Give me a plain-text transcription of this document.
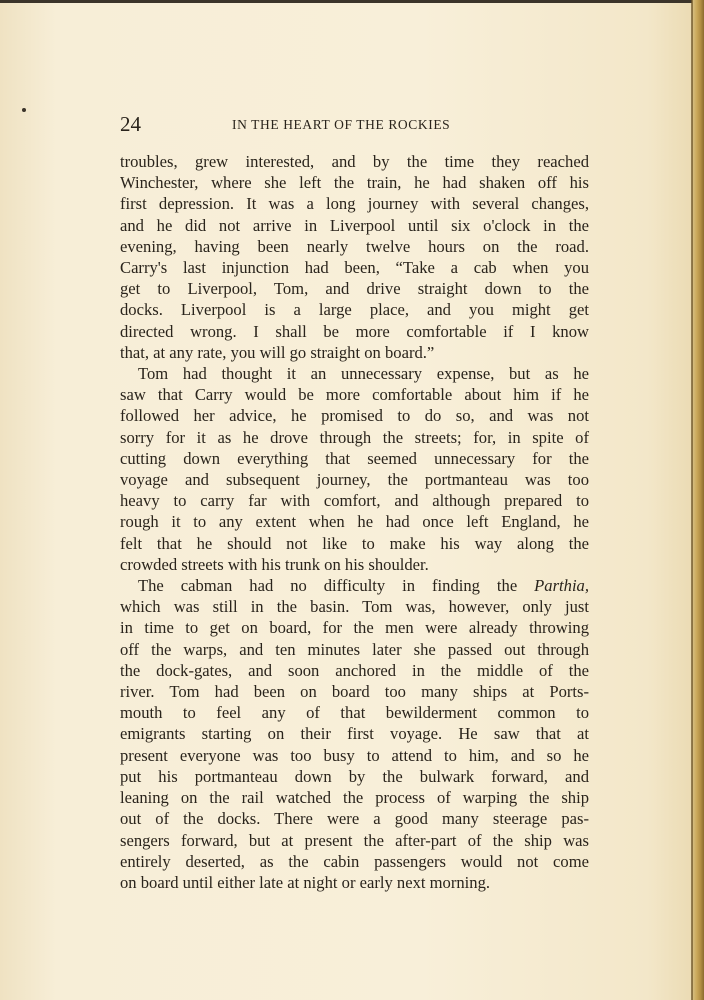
24	IN THE HEART OF THE ROCKIES

troubles, grew interested, and by the time they reached
Winchester, where she left the train, he had shaken off his
first depression. It was a long journey with several changes,
and he did not arrive in Liverpool until six o'clock in the
evening, having been nearly twelve hours on the road.
Carry's last injunction had been, “Take a cab when you
get to Liverpool, Tom, and drive straight down to the
docks. Liverpool is a large place, and you might get
directed wrong. I shall be more comfortable if I know
that, at any rate, you will go straight on board.”

Tom had thought it an unnecessary expense, but as he
saw that Carry would be more comfortable about him if he
followed her advice, he promised to do so, and was not
sorry for it as he drove through the streets; for, in spite of
cutting down everything that seemed unnecessary for the
voyage and subsequent journey, the portmanteau was too
heavy to carry far with comfort, and although prepared to
rough it to any extent when he had once left England, he
felt that he should not like to make his way along the
crowded streets with his trunk on his shoulder.

The cabman had no difficulty in finding the Parthia,
which was still in the basin. Tom was, however, only just
in time to get on board, for the men were already throwing
off the warps, and ten minutes later she passed out through
the dock-gates, and soon anchored in the middle of the
river. Tom had been on board too many ships at Ports-
mouth to feel any of that bewilderment common to
emigrants starting on their first voyage. He saw that at
present everyone was too busy to attend to him, and so he
put his portmanteau down by the bulwark forward, and
leaning on the rail watched the process of warping the ship
out of the docks. There were a good many steerage pas-
sengers forward, but at present the after-part of the ship was
entirely deserted, as the cabin passengers would not come
on board until either late at night or early next morning.
